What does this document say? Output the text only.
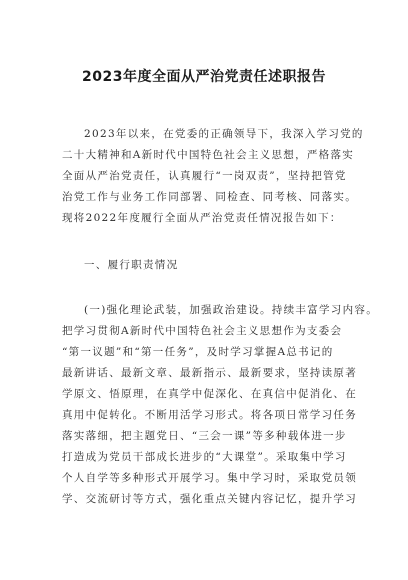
2023年度全面从严治党责任述职报告
2023年以来，在党委的正确领导下，我深入学习党的
二十大精神和A新时代中国特色社会主义思想，严格落实
全面从严治党责任，认真履行“一岗双责”，坚持把管党
治党工作与业务工作同部署、同检查、同考核、同落实。
现将2022年度履行全面从严治党责任情况报告如下：
一、履行职责情况
(一)强化理论武装，加强政治建设。持续丰富学习内容。
把学习贯彻A新时代中国特色社会主义思想作为支委会
“第一议题”和“第一任务”，及时学习掌握A总书记的
最新讲话、最新文章、最新指示、最新要求，坚持读原著
学原文、悟原理，在真学中促深化、在真信中促消化、在
真用中促转化。不断用活学习形式。将各项日常学习任务
落实落细，把主题党日、“三会一课”等多种载体进一步
打造成为党员干部成长进步的“大课堂”。采取集中学习
个人自学等多种形式开展学习。集中学习时，采取党员领
学、交流研讨等方式，强化重点关键内容记忆，提升学习
